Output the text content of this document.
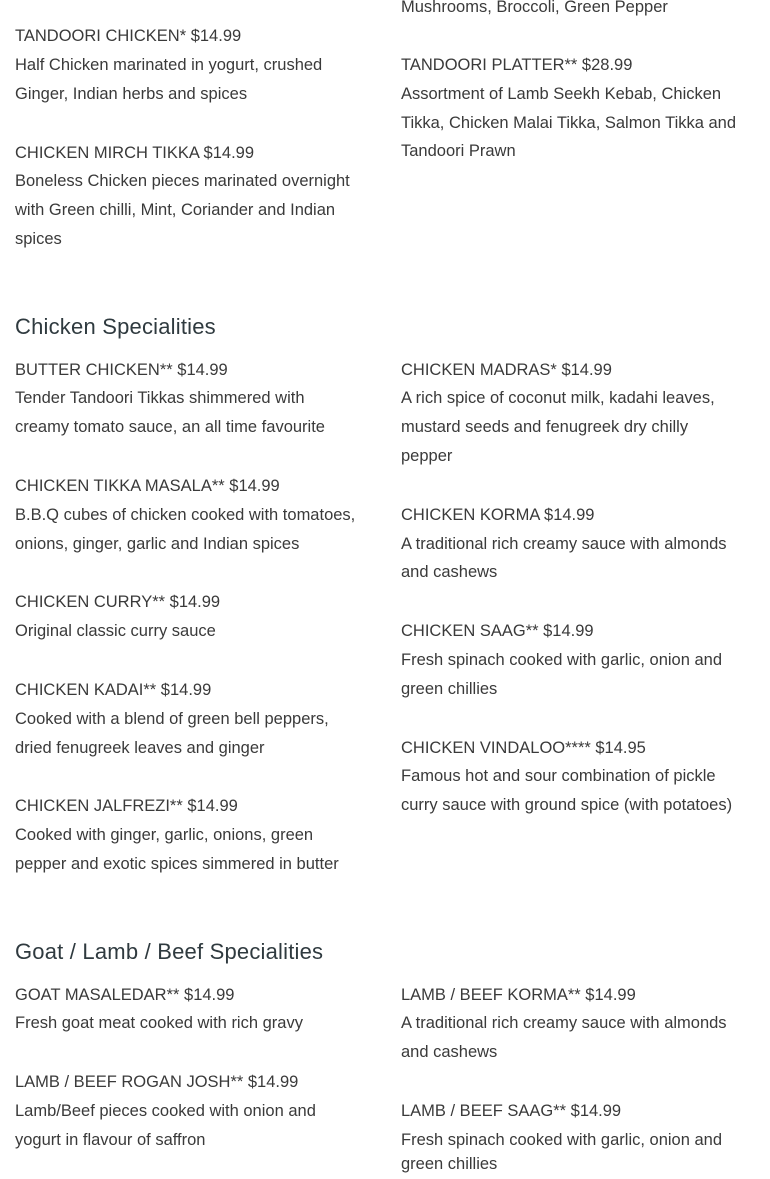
Mushrooms, Broccoli, Green Pepper
TANDOORI CHICKEN* $14.99
Half Chicken marinated in yogurt, crushed
Ginger, Indian herbs and spices
CHICKEN MIRCH TIKKA $14.99
Boneless Chicken pieces marinated overnight
with Green chilli, Mint, Coriander and Indian
spices
TANDOORI PLATTER** $28.99
Assortment of Lamb Seekh Kebab, Chicken
Tikka, Chicken Malai Tikka, Salmon Tikka and
Tandoori Prawn
Chicken Specialities
BUTTER CHICKEN** $14.99
Tender Tandoori Tikkas shimmered with
creamy tomato sauce, an all time favourite
CHICKEN TIKKA MASALA** $14.99
B.B.Q cubes of chicken cooked with tomatoes,
onions, ginger, garlic and Indian spices
CHICKEN CURRY** $14.99
Original classic curry sauce
CHICKEN KADAI** $14.99
Cooked with a blend of green bell peppers,
dried fenugreek leaves and ginger
CHICKEN JALFREZI** $14.99
Cooked with ginger, garlic, onions, green
pepper and exotic spices simmered in butter
CHICKEN MADRAS* $14.99
A rich spice of coconut milk, kadahi leaves,
mustard seeds and fenugreek dry chilly
pepper
CHICKEN KORMA $14.99
A traditional rich creamy sauce with almonds
and cashews
CHICKEN SAAG** $14.99
Fresh spinach cooked with garlic, onion and
green chillies
CHICKEN VINDALOO**** $14.95
Famous hot and sour combination of pickle
curry sauce with ground spice (with potatoes)
Goat / Lamb / Beef Specialities
GOAT MASALEDAR** $14.99
Fresh goat meat cooked with rich gravy
LAMB / BEEF ROGAN JOSH** $14.99
Lamb/Beef pieces cooked with onion and
yogurt in flavour of saffron
LAMB / BEEF KORMA** $14.99
A traditional rich creamy sauce with almonds
and cashews
LAMB / BEEF SAAG** $14.99
Fresh spinach cooked with garlic, onion and
green chillies
